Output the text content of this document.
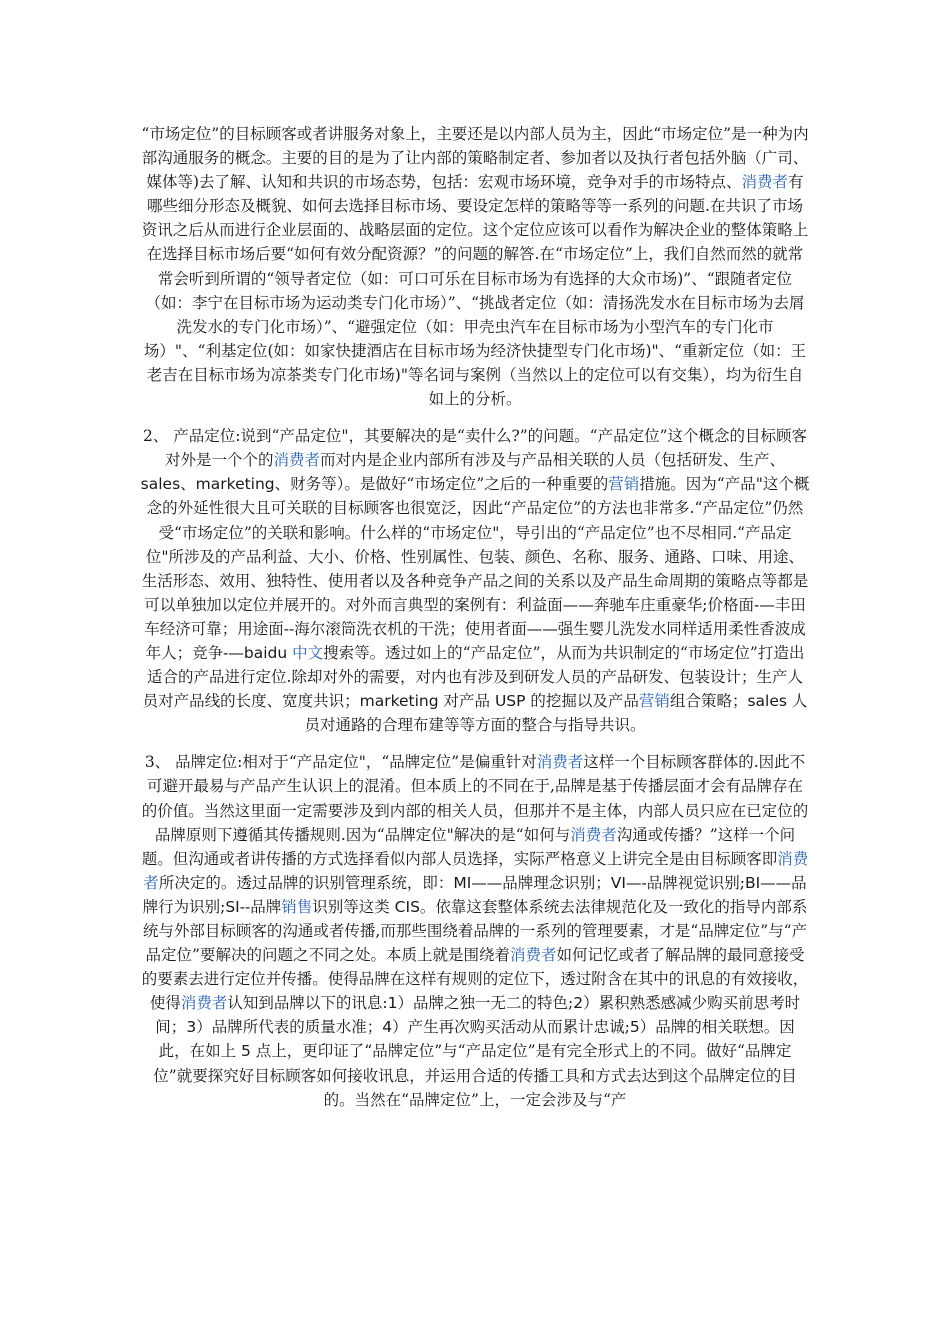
“市场定位”的目标顾客或者讲服务对象上，主要还是以内部人员为主，因此“市场定位”是一种为内部沟通服务的概念。主要的目的是为了让内部的策略制定者、参加者以及执行者包括外脑（广司、媒体等)去了解、认知和共识的市场态势，包括：宏观市场环境，竞争对手的市场特点、消费者有哪些细分形态及概貌、如何去选择目标市场、要设定怎样的策略等等一系列的问题.在共识了市场资讯之后从而进行企业层面的、战略层面的定位。这个定位应该可以看作为解决企业的整体策略上在选择目标市场后要“如何有效分配资源？”的问题的解答.在“市场定位”上，我们自然而然的就常常会听到所谓的“领导者定位（如：可口可乐在目标市场为有选择的大众市场)”、“跟随者定位（如：李宁在目标市场为运动类专门化市场）”、“挑战者定位（如：清扬洗发水在目标市场为去屑洗发水的专门化市场）”、“避强定位（如：甲壳虫汽车在目标市场为小型汽车的专门化市场）"、“利基定位(如：如家快捷酒店在目标市场为经济快捷型专门化市场)"、“重新定位（如：王老吉在目标市场为凉茶类专门化市场)"等名词与案例（当然以上的定位可以有交集），均为衍生自如上的分析。

2、 产品定位:说到“产品定位"，其要解决的是“卖什么?”的问题。“产品定位”这个概念的目标顾客对外是一个个的消费者而对内是企业内部所有涉及与产品相关联的人员（包括研发、生产、sales、marketing、财务等）。是做好“市场定位”之后的一种重要的营销措施。因为“产品"这个概念的外延性很大且可关联的目标顾客也很宽泛，因此“产品定位”的方法也非常多.“产品定位”仍然受“市场定位”的关联和影响。什么样的“市场定位"，导引出的“产品定位”也不尽相同.“产品定位"所涉及的产品利益、大小、价格、性别属性、包装、颜色、名称、服务、通路、口味、用途、生活形态、效用、独特性、使用者以及各种竞争产品之间的关系以及产品生命周期的策略点等都是可以单独加以定位并展开的。对外而言典型的案例有：利益面——奔驰车庄重豪华;价格面-—丰田车经济可靠；用途面--海尔滚筒洗衣机的干洗；使用者面——强生婴儿洗发水同样适用柔性香波成年人；竞争-—baidu 中文搜索等。透过如上的“产品定位”，从而为共识制定的“市场定位”打造出适合的产品进行定位.除却对外的需要，对内也有涉及到研发人员的产品研发、包装设计；生产人员对产品线的长度、宽度共识；marketing 对产品 USP 的挖掘以及产品营销组合策略；sales 人员对通路的合理布建等等方面的整合与指导共识。

3、 品牌定位:相对于“产品定位"，“品牌定位”是偏重针对消费者这样一个目标顾客群体的.因此不可避开最易与产品产生认识上的混淆。但本质上的不同在于,品牌是基于传播层面才会有品牌存在的价值。当然这里面一定需要涉及到内部的相关人员，但那并不是主体，内部人员只应在已定位的品牌原则下遵循其传播规则.因为“品牌定位"解决的是“如何与消费者沟通或传播？”这样一个问题。但沟通或者讲传播的方式选择看似内部人员选择，实际严格意义上讲完全是由目标顾客即消费者所决定的。透过品牌的识别管理系统，即：MI——品牌理念识别；VI—-品牌视觉识别;BI——品牌行为识别;SI--品牌销售识别等这类 CIS。依靠这套整体系统去法律规范化及一致化的指导内部系统与外部目标顾客的沟通或者传播,而那些围绕着品牌的一系列的管理要素，才是“品牌定位”与“产品定位”要解决的问题之不同之处。本质上就是围绕着消费者如何记忆或者了解品牌的最同意接受的要素去进行定位并传播。使得品牌在这样有规则的定位下，透过附含在其中的讯息的有效接收，使得消费者认知到品牌以下的讯息:1）品牌之独一无二的特色;2）累积熟悉感减少购买前思考时间；3）品牌所代表的质量水准；4）产生再次购买活动从而累计忠诚;5）品牌的相关联想。因此，在如上 5 点上，更印证了“品牌定位”与“产品定位”是有完全形式上的不同。做好“品牌定位”就要探究好目标顾客如何接收讯息，并运用合适的传播工具和方式去达到这个品牌定位的目的。当然在“品牌定位”上，一定会涉及与“产
